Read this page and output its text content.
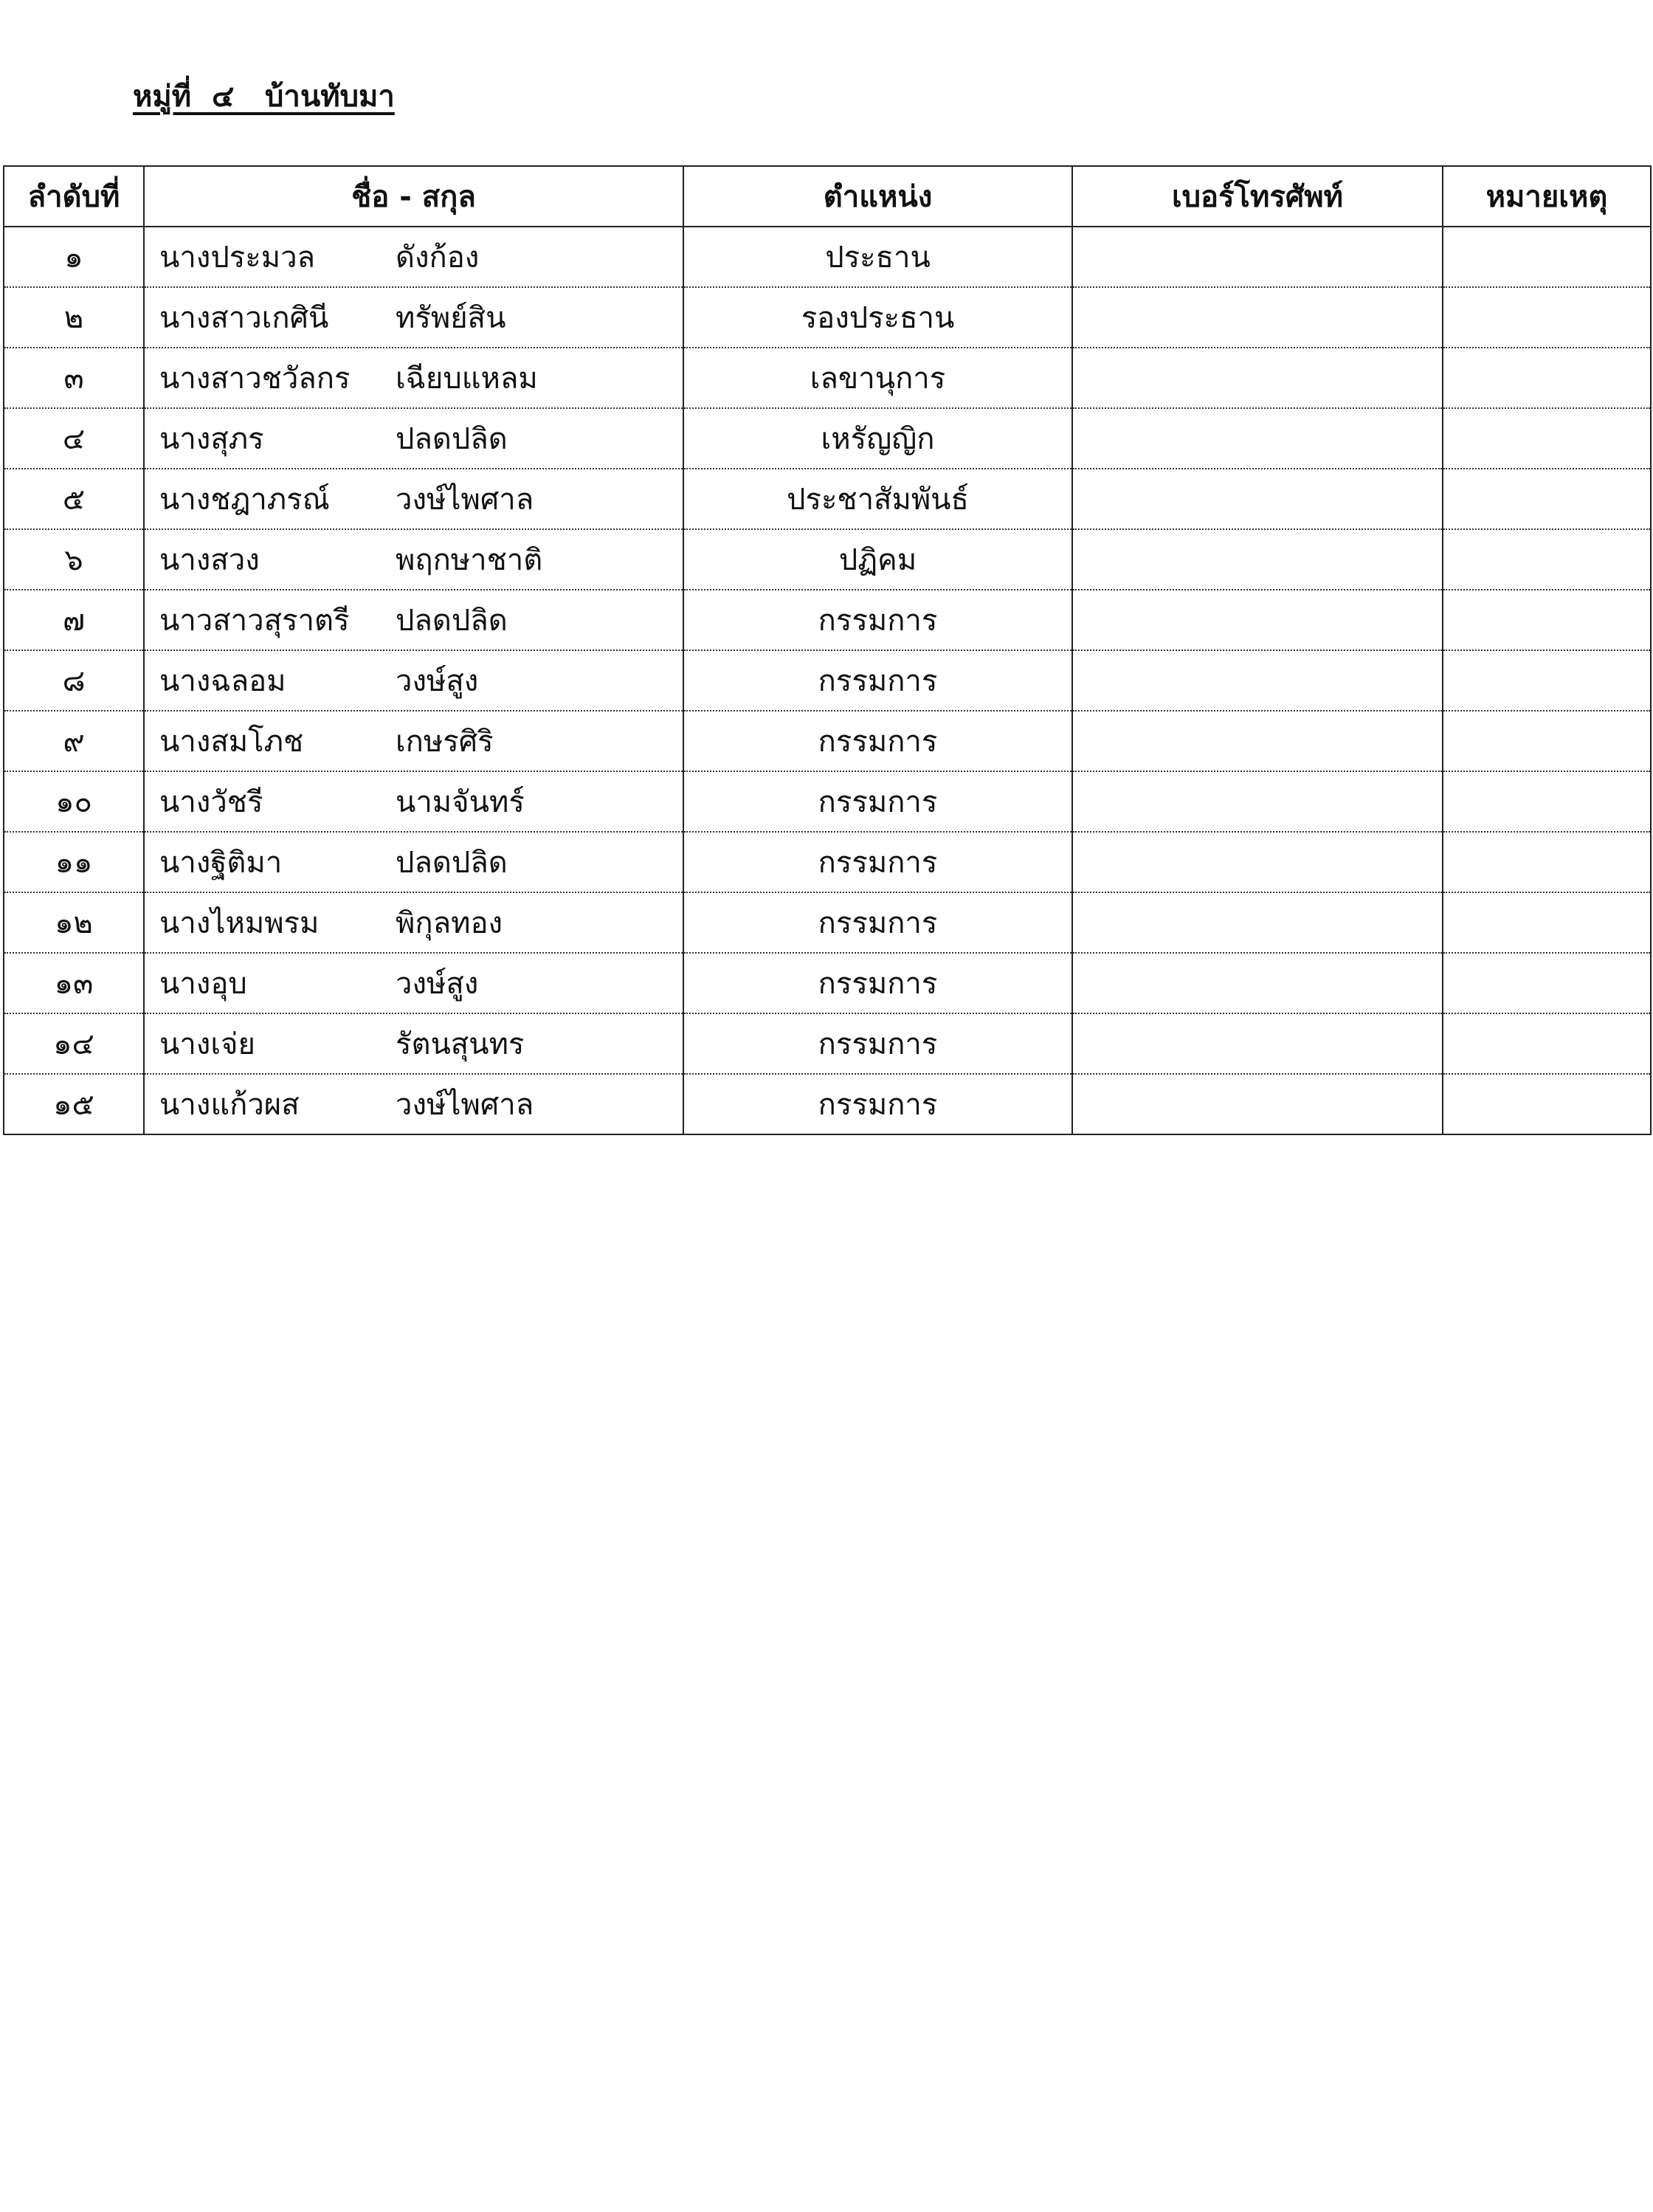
หมู่ที่  ๔   บ้านทับมา
ลำดับที่	ชื่อ - สกุล	ตำแหน่ง	เบอร์โทรศัพท์	หมายเหตุ
๑	นางประมวล ดังก้อง	ประธาน		
๒	นางสาวเกศินี ทรัพย์สิน	รองประธาน		
๓	นางสาวชวัลกร เฉียบแหลม	เลขานุการ		
๔	นางสุภร ปลดปลิด	เหรัญญิก		
๕	นางชฎาภรณ์ วงษ์ไพศาล	ประชาสัมพันธ์		
๖	นางสวง พฤกษาชาติ	ปฏิคม		
๗	นาวสาวสุราตรี ปลดปลิด	กรรมการ		
๘	นางฉลอม วงษ์สูง	กรรมการ		
๙	นางสมโภช เกษรศิริ	กรรมการ		
๑๐	นางวัชรี นามจันทร์	กรรมการ		
๑๑	นางฐิติมา ปลดปลิด	กรรมการ		
๑๒	นางไหมพรม พิกุลทอง	กรรมการ		
๑๓	นางอุบ วงษ์สูง	กรรมการ		
๑๔	นางเจ่ย รัตนสุนทร	กรรมการ		
๑๕	นางแก้วผส วงษ์ไพศาล	กรรมการ		
